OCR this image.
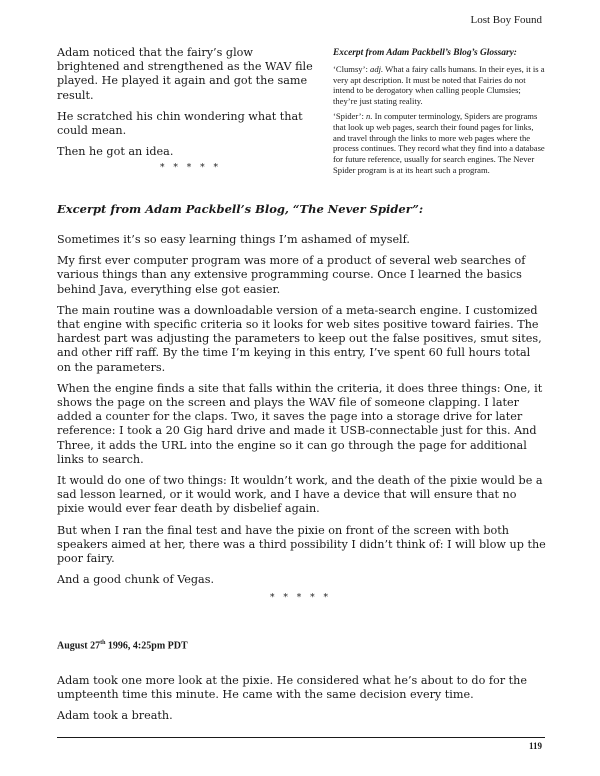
Lost Boy Found

Adam noticed that the fairy’s glow brightened and strengthened as the WAV file played. He played it again and got the same result.

He scratched his chin wondering what that could mean.

Then he got an idea.

Excerpt from Adam Packbell’s Blog’s Glossary:

‘Clumsy’: adj. What a fairy calls humans. In their eyes, it is a very apt description. It must be noted that Fairies do not intend to be derogatory when calling people Clumsies; they’re just stating reality.

‘Spider’: n. In computer terminology, Spiders are programs that look up web pages, search their found pages for links, and travel through the links to more web pages where the process continues. They record what they find into a database for future reference, usually for search engines. The Never Spider program is at its heart such a program.

* * * * *
Excerpt from Adam Packbell’s Blog, “The Never Spider”:

Sometimes it’s so easy learning things I’m ashamed of myself.

My first ever computer program was more of a product of several web searches of various things than any extensive programming course. Once I learned the basics behind Java, everything else got easier.

The main routine was a downloadable version of a meta-search engine. I customized that engine with specific criteria so it looks for web sites positive toward fairies. The hardest part was adjusting the parameters to keep out the false positives, smut sites, and other riff raff. By the time I’m keying in this entry, I’ve spent 60 full hours total on the parameters.

When the engine finds a site that falls within the criteria, it does three things: One, it shows the page on the screen and plays the WAV file of someone clapping. I later added a counter for the claps. Two, it saves the page into a storage drive for later reference: I took a 20 Gig hard drive and made it USB-connectable just for this. And Three, it adds the URL into the engine so it can go through the page for additional links to search.

It would do one of two things: It wouldn’t work, and the death of the pixie would be a sad lesson learned, or it would work, and I have a device that will ensure that no pixie would ever fear death by disbelief again.

But when I ran the final test and have the pixie on front of the screen with both speakers aimed at her, there was a third possibility I didn’t think of: I will blow up the poor fairy.

And a good chunk of Vegas.

* * * * *
August 27th 1996, 4:25pm PDT

Adam took one more look at the pixie. He considered what he’s about to do for the umpteenth time this minute. He came with the same decision every time.

Adam took a breath.

119
